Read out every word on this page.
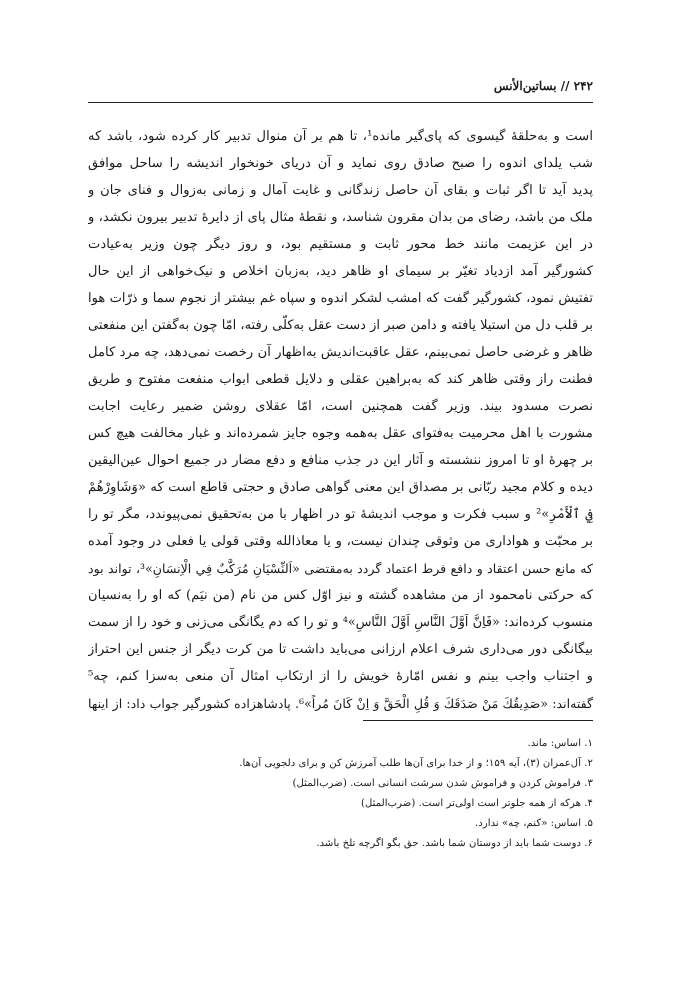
۲۴۲ // بساتين‌الأنس
است و به‌حلقهٔ گیسوی که پای‌گیر مانده¹، تا هم بر آن منوال تدبیر کار کرده شود، باشد که
شب یلدای اندوه را صبح صادق روی نماید و آن دریای خونخوار اندیشه را ساحل موافق
پدید آید تا اگر ثبات و بقای آن حاصل زندگانی و غایت آمال و زمانی به‌زوال و فنای جان و
ملک من باشد، رضای من بدان مقرون شناسد، و نقطهٔ مثال پای از دایرهٔ تدبیر بیرون نکشد، و
در این عزیمت مانند خط محور ثابت و مستقیم بود، و روز دیگر چون وزیر به‌عیادت
کشورگیر آمد ازدیاد تغیّر بر سیمای او ظاهر دید، به‌زبان اخلاص و نیک‌خواهی از این حال
تفتیش نمود، کشورگیر گفت که امشب لشکر اندوه و سپاه غم بیشتر از نجوم سما و ذرّات هوا
بر قلب دل من استیلا یافته و دامن صبر از دست عقل به‌کلّی رفته، امّا چون به‌گفتن این منفعتی
ظاهر و غرضی حاصل نمی‌بینم، عقل عاقبت‌اندیش به‌اظهار آن رخصت نمی‌دهد، چه مرد کامل
فطنت راز وقتی ظاهر کند که به‌براهین عقلی و دلایل قطعی ابواب منفعت مفتوح و طریق
نصرت مسدود بیند. وزیر گفت همچنین است، امّا عقلای روشن ضمیر رعایت اجابت
مشورت با اهل محرمیت به‌فتوای عقل به‌همه وجوه جایز شمرده‌اند و غبار مخالفت هیچ کس
بر چهرهٔ او تا امروز ننشسته و آثار این در جذب منافع و دفع مضار در جمیع احوال عین‌الیقین
دیده و کلام مجید ربّانی بر مصداق این معنی گواهی صادق و حجتی قاطع است که «وَشَاوِرْهُمْ
فِي ٱلْأَمْرِ»² و سبب فکرت و موجب اندیشهٔ تو در اظهار با من به‌تحقیق نمی‌پیوندد، مگر تو را
بر محبّت و هواداری من وثوقی چندان نیست، و یا معاذالله وقتی قولی یا فعلی در وجود آمده
که مانع حسن اعتقاد و دافع فرط اعتماد گردد به‌مقتضی «اَلنِّسْيَانِ مُرَكَّبٌ فِي الْاِنسَانِ»³، تواند بود
که حرکتی نامحمود از من مشاهده گشته و نیز اوّل کس من نام (من نیَم) که او را به‌نسیان
منسوب کرده‌اند: «فَاِنَّ اَوَّلَ النَّاسِ اَوَّلَ النَّاسِ»⁴ و تو را که دم یگانگی می‌زنی و خود را از سمت
بیگانگی دور می‌داری شرف اعلام ارزانی می‌باید داشت تا من کرت دیگر از جنس این احتراز
و اجتناب واجب بینم و نفس امّارهٔ خویش را از ارتکاب امثال آن منعی به‌سزا کنم، چه⁵
گفته‌اند: «صَدِيقُكَ مَنْ صَدَقَكَ وَ قُلِ الْحَقَّ وَ اِنْ كَانَ مُراً»⁶. پادشاهزاده کشورگیر جواب داد: از اینها
۱. اساس: ماند.
۲. آل‌عمران (۳)، آیه ۱۵۹؛ و از خدا برای آن‌ها طلب آمرزش کن و برای دلجویی آن‌ها.
۳. فراموش کردن و فراموش شدن سرشت انسانی است. (ضرب‌المثل)
۴. هرکه از همه جلوتر است اولی‌تر است. (ضرب‌المثل)
۵. اساس: «کنم، چه» ندارد.
۶. دوست شما باید از دوستان شما باشد. حق بگو اگرچه تلخ باشد.
